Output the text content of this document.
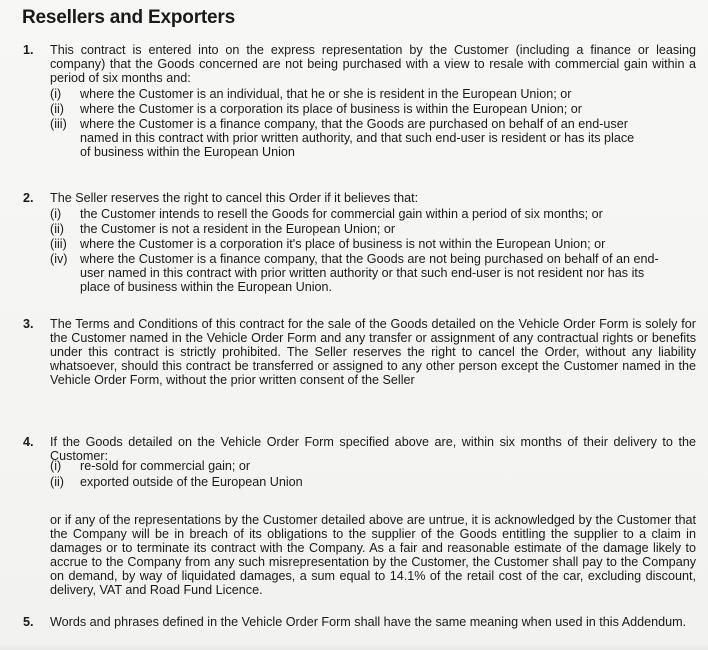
Resellers and Exporters
1. This contract is entered into on the express representation by the Customer (including a finance or leasing company) that the Goods concerned are not being purchased with a view to resale with commercial gain within a period of six months and:
(i)	where the Customer is an individual, that he or she is resident in the European Union; or
(ii)	where the Customer is a corporation its place of business is within the European Union; or
(iii)	where the Customer is a finance company, that the Goods are purchased on behalf of an end-user named in this contract with prior written authority, and that such end-user is resident or has its place of business within the European Union
2. The Seller reserves the right to cancel this Order if it believes that:
(i)	the Customer intends to resell the Goods for commercial gain within a period of six months; or
(ii)	the Customer is not a resident in the European Union; or
(iii)	where the Customer is a corporation it's place of business is not within the European Union; or
(iv) where the Customer is a finance company, that the Goods are not being purchased on behalf of an end-user named in this contract with prior written authority or that such end-user is not resident nor has its place of business within the European Union.
3. The Terms and Conditions of this contract for the sale of the Goods detailed on the Vehicle Order Form is solely for the Customer named in the Vehicle Order Form and any transfer or assignment of any contractual rights or benefits under this contract is strictly prohibited. The Seller reserves the right to cancel the Order, without any liability whatsoever, should this contract be transferred or assigned to any other person except the Customer named in the Vehicle Order Form, without the prior written consent of the Seller
4. If the Goods detailed on the Vehicle Order Form specified above are, within six months of their delivery to the Customer:
(i)	re-sold for commercial gain; or
(ii)	exported outside of the European Union
or if any of the representations by the Customer detailed above are untrue, it is acknowledged by the Customer that the Company will be in breach of its obligations to the supplier of the Goods entitling the supplier to a claim in damages or to terminate its contract with the Company. As a fair and reasonable estimate of the damage likely to accrue to the Company from any such misrepresentation by the Customer, the Customer shall pay to the Company on demand, by way of liquidated damages, a sum equal to 14.1% of the retail cost of the car, excluding discount, delivery, VAT and Road Fund Licence.
5. Words and phrases defined in the Vehicle Order Form shall have the same meaning when used in this Addendum.
